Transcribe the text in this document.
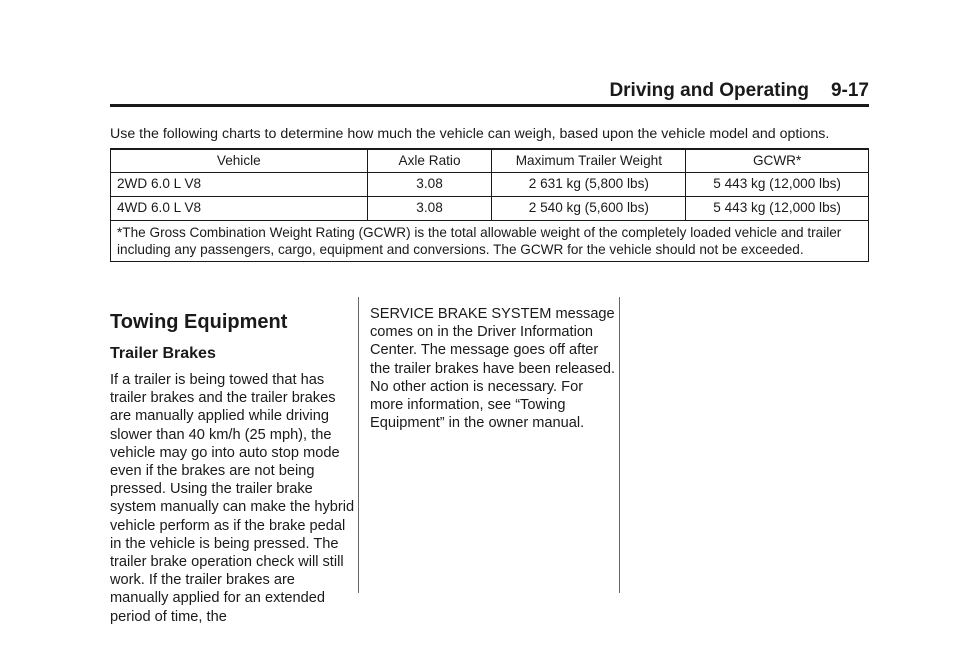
Driving and Operating 9-17
Use the following charts to determine how much the vehicle can weigh, based upon the vehicle model and options.
Vehicle	Axle Ratio	Maximum Trailer Weight	GCWR*
2WD 6.0 L V8	3.08	2 631 kg (5,800 lbs)	5 443 kg (12,000 lbs)
4WD 6.0 L V8	3.08	2 540 kg (5,600 lbs)	5 443 kg (12,000 lbs)
*The Gross Combination Weight Rating (GCWR) is the total allowable weight of the completely loaded vehicle and trailer including any passengers, cargo, equipment and conversions. The GCWR for the vehicle should not be exceeded.			
Towing Equipment
Trailer Brakes

If a trailer is being towed that has trailer brakes and the trailer brakes are manually applied while driving slower than 40 km/h (25 mph), the vehicle may go into auto stop mode even if the brakes are not being pressed. Using the trailer brake system manually can make the hybrid vehicle perform as if the brake pedal in the vehicle is being pressed. The trailer brake operation check will still work. If the trailer brakes are manually applied for an extended period of time, the

SERVICE BRAKE SYSTEM message comes on in the Driver Information Center. The message goes off after the trailer brakes have been released. No other action is necessary. For more information, see “Towing Equipment” in the owner manual.
